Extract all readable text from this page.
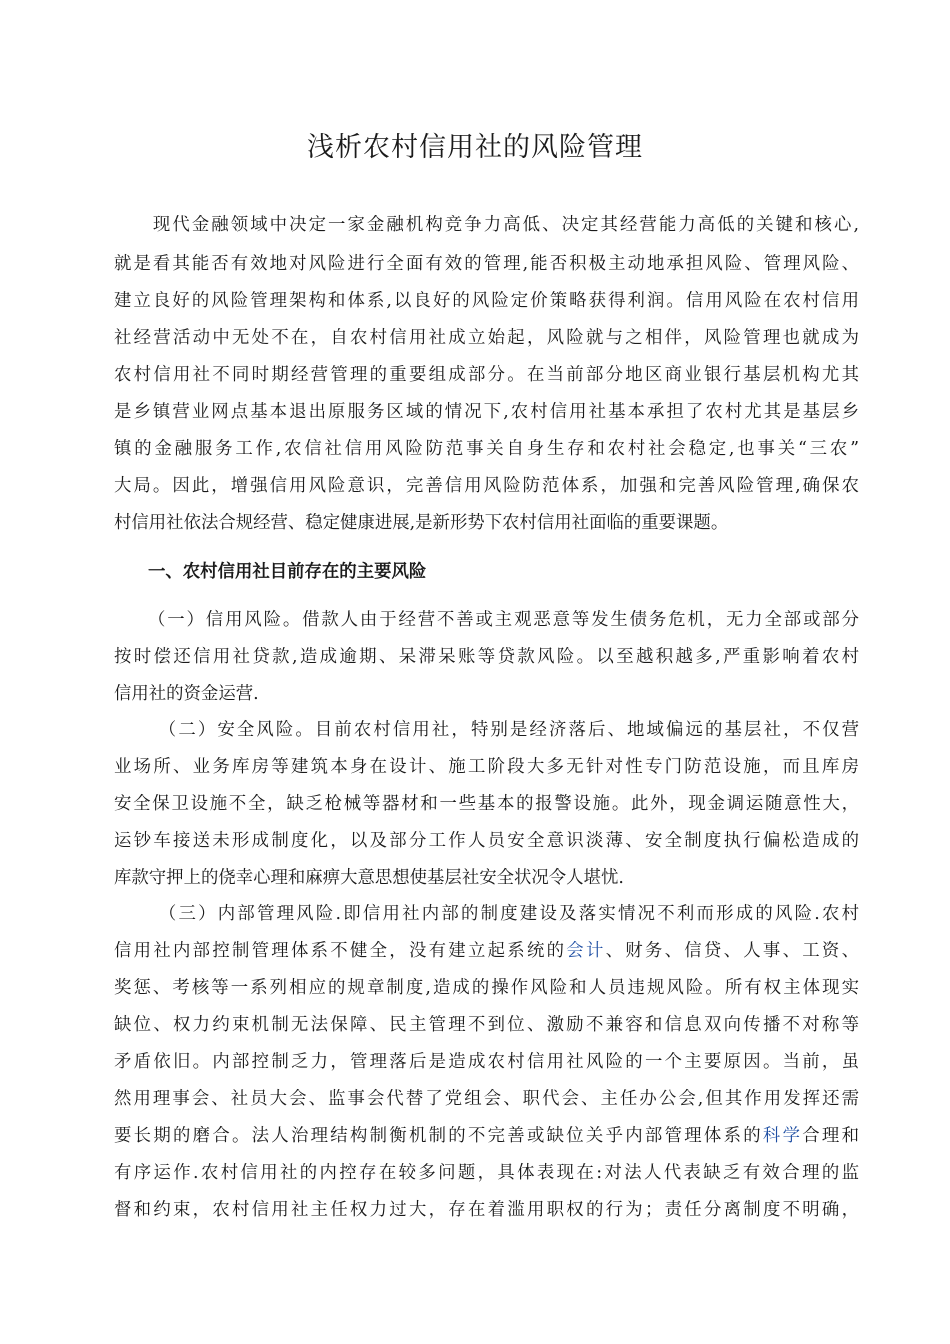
浅析农村信用社的风险管理
　　现代金融领域中决定一家金融机构竞争力高低、决定其经营能力高低的关键和核心,
就是看其能否有效地对风险进行全面有效的管理,能否积极主动地承担风险、管理风险、
建立良好的风险管理架构和体系,以良好的风险定价策略获得利润。信用风险在农村信用
社经营活动中无处不在，自农村信用社成立始起，风险就与之相伴，风险管理也就成为
农村信用社不同时期经营管理的重要组成部分。在当前部分地区商业银行基层机构尤其
是乡镇营业网点基本退出原服务区域的情况下,农村信用社基本承担了农村尤其是基层乡
镇的金融服务工作,农信社信用风险防范事关自身生存和农村社会稳定,也事关“三农”
大局。因此，增强信用风险意识，完善信用风险防范体系，加强和完善风险管理,确保农
村信用社依法合规经营、稳定健康进展,是新形势下农村信用社面临的重要课题。
一、农村信用社目前存在的主要风险
（一）信用风险。借款人由于经营不善或主观恶意等发生债务危机，无力全部或部分
按时偿还信用社贷款,造成逾期、呆滞呆账等贷款风险。以至越积越多,严重影响着农村
信用社的资金运营.
　（二）安全风险。目前农村信用社，特别是经济落后、地域偏远的基层社，不仅营
业场所、业务库房等建筑本身在设计、施工阶段大多无针对性专门防范设施，而且库房
安全保卫设施不全，缺乏枪械等器材和一些基本的报警设施。此外，现金调运随意性大，
运钞车接送未形成制度化，以及部分工作人员安全意识淡薄、安全制度执行偏松造成的
库款守押上的侥幸心理和麻痹大意思想使基层社安全状况令人堪忧.
　（三）内部管理风险.即信用社内部的制度建设及落实情况不利而形成的风险.农村
信用社内部控制管理体系不健全，没有建立起系统的会计、财务、信贷、人事、工资、
奖惩、考核等一系列相应的规章制度,造成的操作风险和人员违规风险。所有权主体现实
缺位、权力约束机制无法保障、民主管理不到位、激励不兼容和信息双向传播不对称等
矛盾依旧。内部控制乏力，管理落后是造成农村信用社风险的一个主要原因。当前，虽
然用理事会、社员大会、监事会代替了党组会、职代会、主任办公会,但其作用发挥还需
要长期的磨合。法人治理结构制衡机制的不完善或缺位关乎内部管理体系的科学合理和
有序运作.农村信用社的内控存在较多问题，具体表现在:对法人代表缺乏有效合理的监
督和约束，农村信用社主任权力过大，存在着滥用职权的行为；责任分离制度不明确，
